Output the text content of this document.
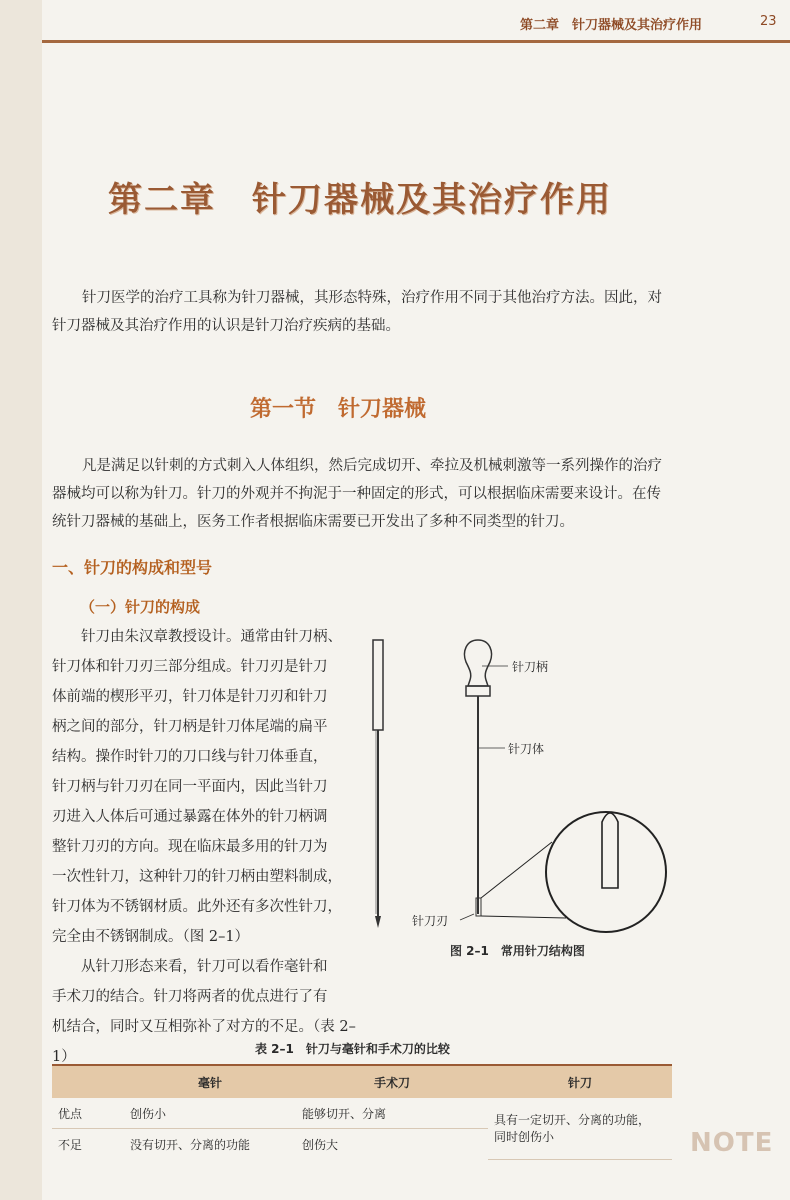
第二章　针刀器械及其治疗作用	23
第二章　针刀器械及其治疗作用

针刀医学的治疗工具称为针刀器械，其形态特殊，治疗作用不同于其他治疗方法。因此，对针刀器械及其治疗作用的认识是针刀治疗疾病的基础。

第一节　针刀器械

凡是满足以针刺的方式刺入人体组织，然后完成切开、牵拉及机械刺激等一系列操作的治疗器械均可以称为针刀。针刀的外观并不拘泥于一种固定的形式，可以根据临床需要来设计。在传统针刀器械的基础上，医务工作者根据临床需要已开发出了多种不同类型的针刀。

一、针刀的构成和型号
（一）针刀的构成
　　针刀由朱汉章教授设计。通常由针刀柄、
针刀体和针刀刃三部分组成。针刀刃是针刀
体前端的楔形平刃，针刀体是针刀刃和针刀
柄之间的部分，针刀柄是针刀体尾端的扁平
结构。操作时针刀的刀口线与针刀体垂直，
针刀柄与针刀刃在同一平面内，因此当针刀
刃进入人体后可通过暴露在体外的针刀柄调
整针刀刃的方向。现在临床最多用的针刀为
一次性针刀，这种针刀的针刀柄由塑料制成，
针刀体为不锈钢材质。此外还有多次性针刀，
完全由不锈钢制成。（图 2–1）
　　从针刀形态来看，针刀可以看作毫针和
手术刀的结合。针刀将两者的优点进行了有
机结合，同时又互相弥补了对方的不足。（表 2–1）
针刀柄
针刀体
针刀刃
图 2–1　常用针刀结构图
表 2–1　针刀与毫针和手术刀的比较
	毫针	手术刀	针刀
优点	创伤小	能够切开、分离	具有一定切开、分离的功能，
同时创伤小

不足	没有切开、分离的功能	创伤大		NOTE
